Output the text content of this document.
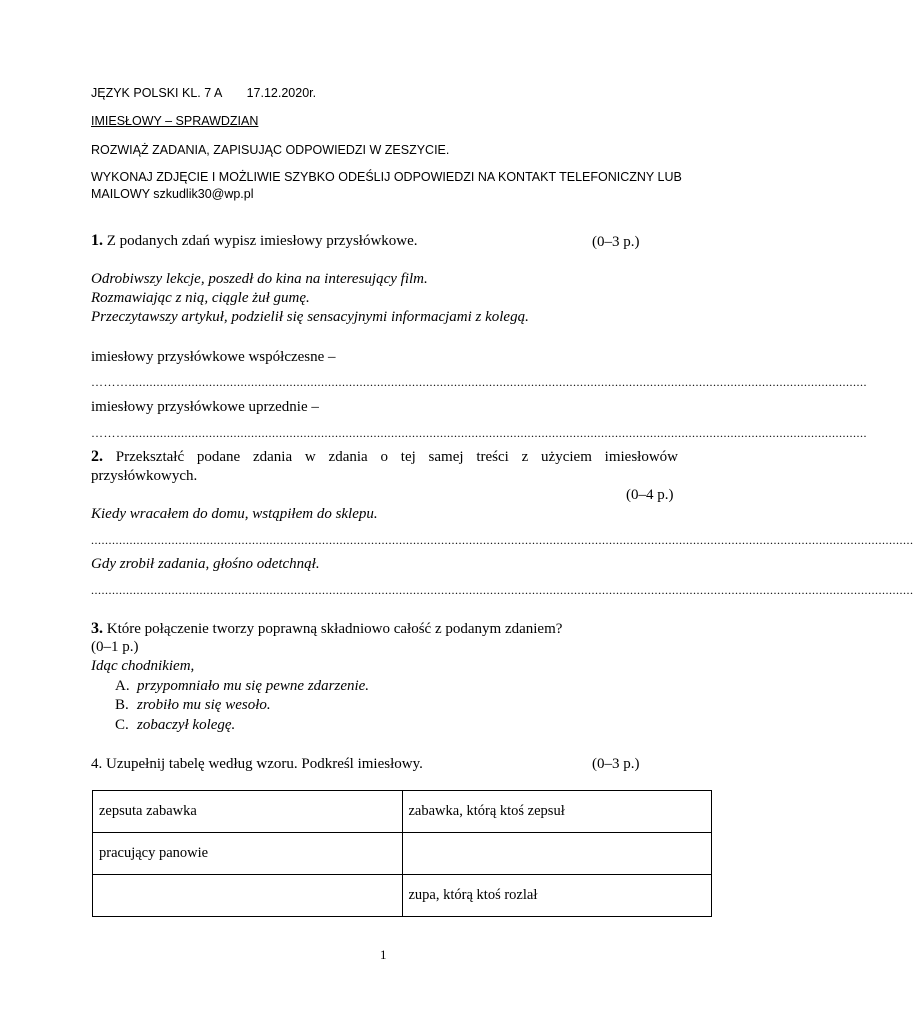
JĘZYK POLSKI KL. 7 A 17.12.2020r.
IMIESŁOWY – SPRAWDZIAN
ROZWIĄŻ ZADANIA, ZAPISUJĄC ODPOWIEDZI W ZESZYCIE.
WYKONAJ ZDJĘCIE I MOŻLIWIE SZYBKO ODEŚLIJ ODPOWIEDZI NA KONTAKT TELEFONICZNY LUB
MAILOWY szkudlik30@wp.pl
1. Z podanych zdań wypisz imiesłowy przysłówkowe.	(0–3 p.)
Odrobiwszy lekcje, poszedł do kina na interesujący film.
Rozmawiając z nią, ciągle żuł gumę.
Przeczytawszy artykuł, podzielił się sensacyjnymi informacjami z kolegą.
imiesłowy przysłówkowe współczesne –
………...................................................................................................................................................................................................................
imiesłowy przysłówkowe uprzednie –
………...................................................................................................................................................................................................................
2. Przekształć podane zdania w zdania o tej samej treści z użyciem imiesłowów
przysłówkowych.
(0–4 p.)
Kiedy wracałem do domu, wstąpiłem do sklepu.
...........................................................................................................................................................................................................................................
Gdy zrobił zadania, głośno odetchnął.
...........................................................................................................................................................................................................................................
3. Które połączenie tworzy poprawną składniowo całość z podanym zdaniem?
(0–1 p.)
Idąc chodnikiem,
A. przypomniało mu się pewne zdarzenie.
B. zrobiło mu się wesoło.
C. zobaczył kolegę.
4. Uzupełnij tabelę według wzoru. Podkreśl imiesłowy.	(0–3 p.)
zepsuta zabawka	zabawka, którą ktoś zepsuł
pracujący panowie	
	zupa, którą ktoś rozlał
1
